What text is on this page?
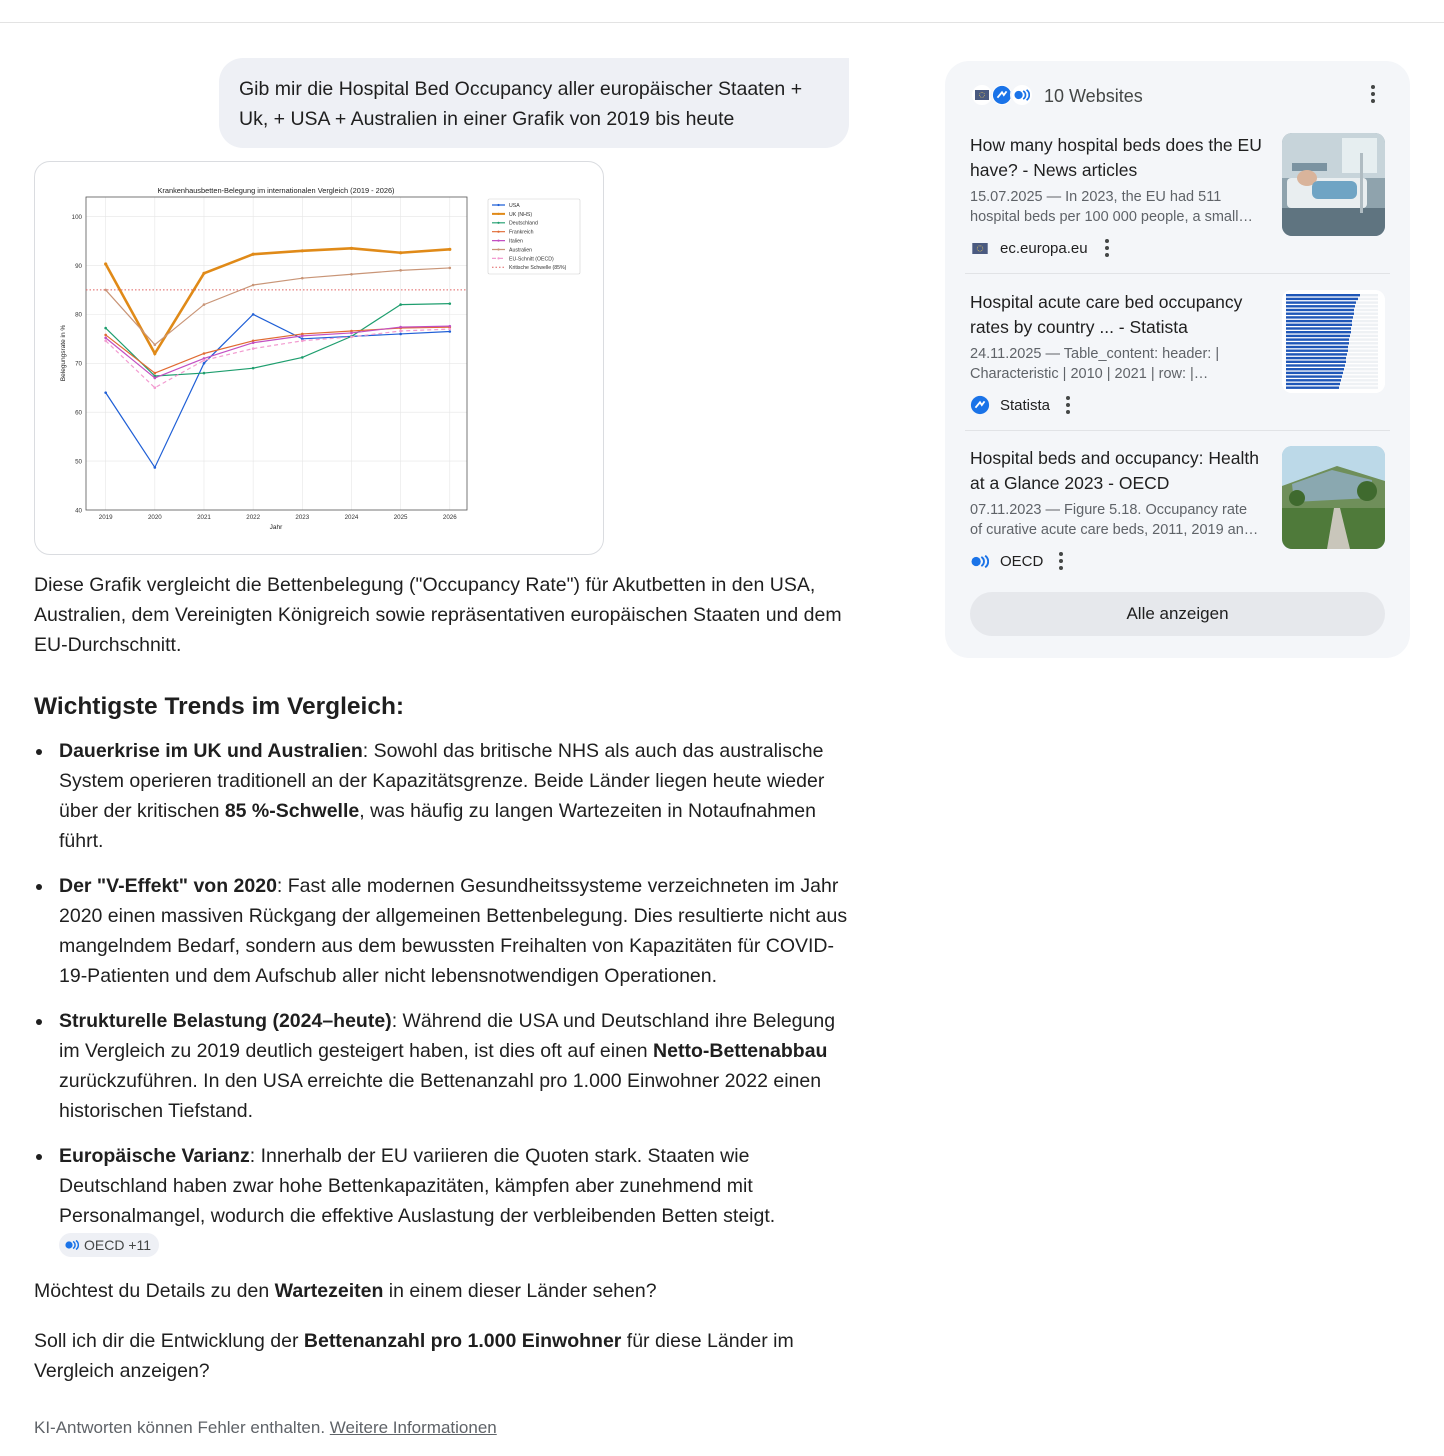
Gib mir die Hospital Bed Occupancy aller europäischer Staaten + Uk, + USA + Australien in einer Grafik von 2019 bis heute
Krankenhausbetten-Belegung im internationalen Vergleich (2019 - 2026)
40
50
60
70
80
90
100
2019	2020	2021	2022	2023	2024	2025	2026
Jahr
Belegungsrate in %
USA
UK (NHS)
Deutschland
Frankreich
Italien
Australien
EU-Schnitt (OECD)
Kritische Schwelle (85%)

Diese Grafik vergleicht die Bettenbelegung ("Occupancy Rate") für Akutbetten in den USA, Australien, dem Vereinigten Königreich sowie repräsentativen europäischen Staaten und dem EU-Durchschnitt.

Wichtigste Trends im Vergleich:
Dauerkrise im UK und Australien: Sowohl das britische NHS als auch das australische System operieren traditionell an der Kapazitätsgrenze. Beide Länder liegen heute wieder über der kritischen 85 %-Schwelle, was häufig zu langen Wartezeiten in Notaufnahmen führt.
Der "V-Effekt" von 2020: Fast alle modernen Gesundheitssysteme verzeichneten im Jahr 2020 einen massiven Rückgang der allgemeinen Bettenbelegung. Dies resultierte nicht aus mangelndem Bedarf, sondern aus dem bewussten Freihalten von Kapazitäten für COVID-19-Patienten und dem Aufschub aller nicht lebensnotwendigen Operationen.
Strukturelle Belastung (2024–heute): Während die USA und Deutschland ihre Belegung im Vergleich zu 2019 deutlich gesteigert haben, ist dies oft auf einen Netto-Bettenabbau zurückzuführen. In den USA erreichte die Bettenanzahl pro 1.000 Einwohner 2022 einen historischen Tiefstand.
Europäische Varianz: Innerhalb der EU variieren die Quoten stark. Staaten wie Deutschland haben zwar hohe Bettenkapazitäten, kämpfen aber zunehmend mit Personalmangel, wodurch die effektive Auslastung der verbleibenden Betten steigt.
OECD +11

Möchtest du Details zu den Wartezeiten in einem dieser Länder sehen?

Soll ich dir die Entwicklung der Bettenanzahl pro 1.000 Einwohner für diese Länder im Vergleich anzeigen?

KI-Antworten können Fehler enthalten. Weitere Informationen
10 Websites
How many hospital beds does the EU have? - News articles
15.07.2025 — In 2023, the EU had 511
hospital beds per 100 000 people, a small…
ec.europa.eu
Hospital acute care bed occupancy rates by country ... - Statista
24.11.2025 — Table_content: header: |
Characteristic | 2010 | 2021 | row: |…
Statista
Hospital beds and occupancy: Health at a Glance 2023 - OECD
07.11.2023 — Figure 5.18. Occupancy rate
of curative acute care beds, 2011, 2019 an…
OECD
Alle anzeigen
